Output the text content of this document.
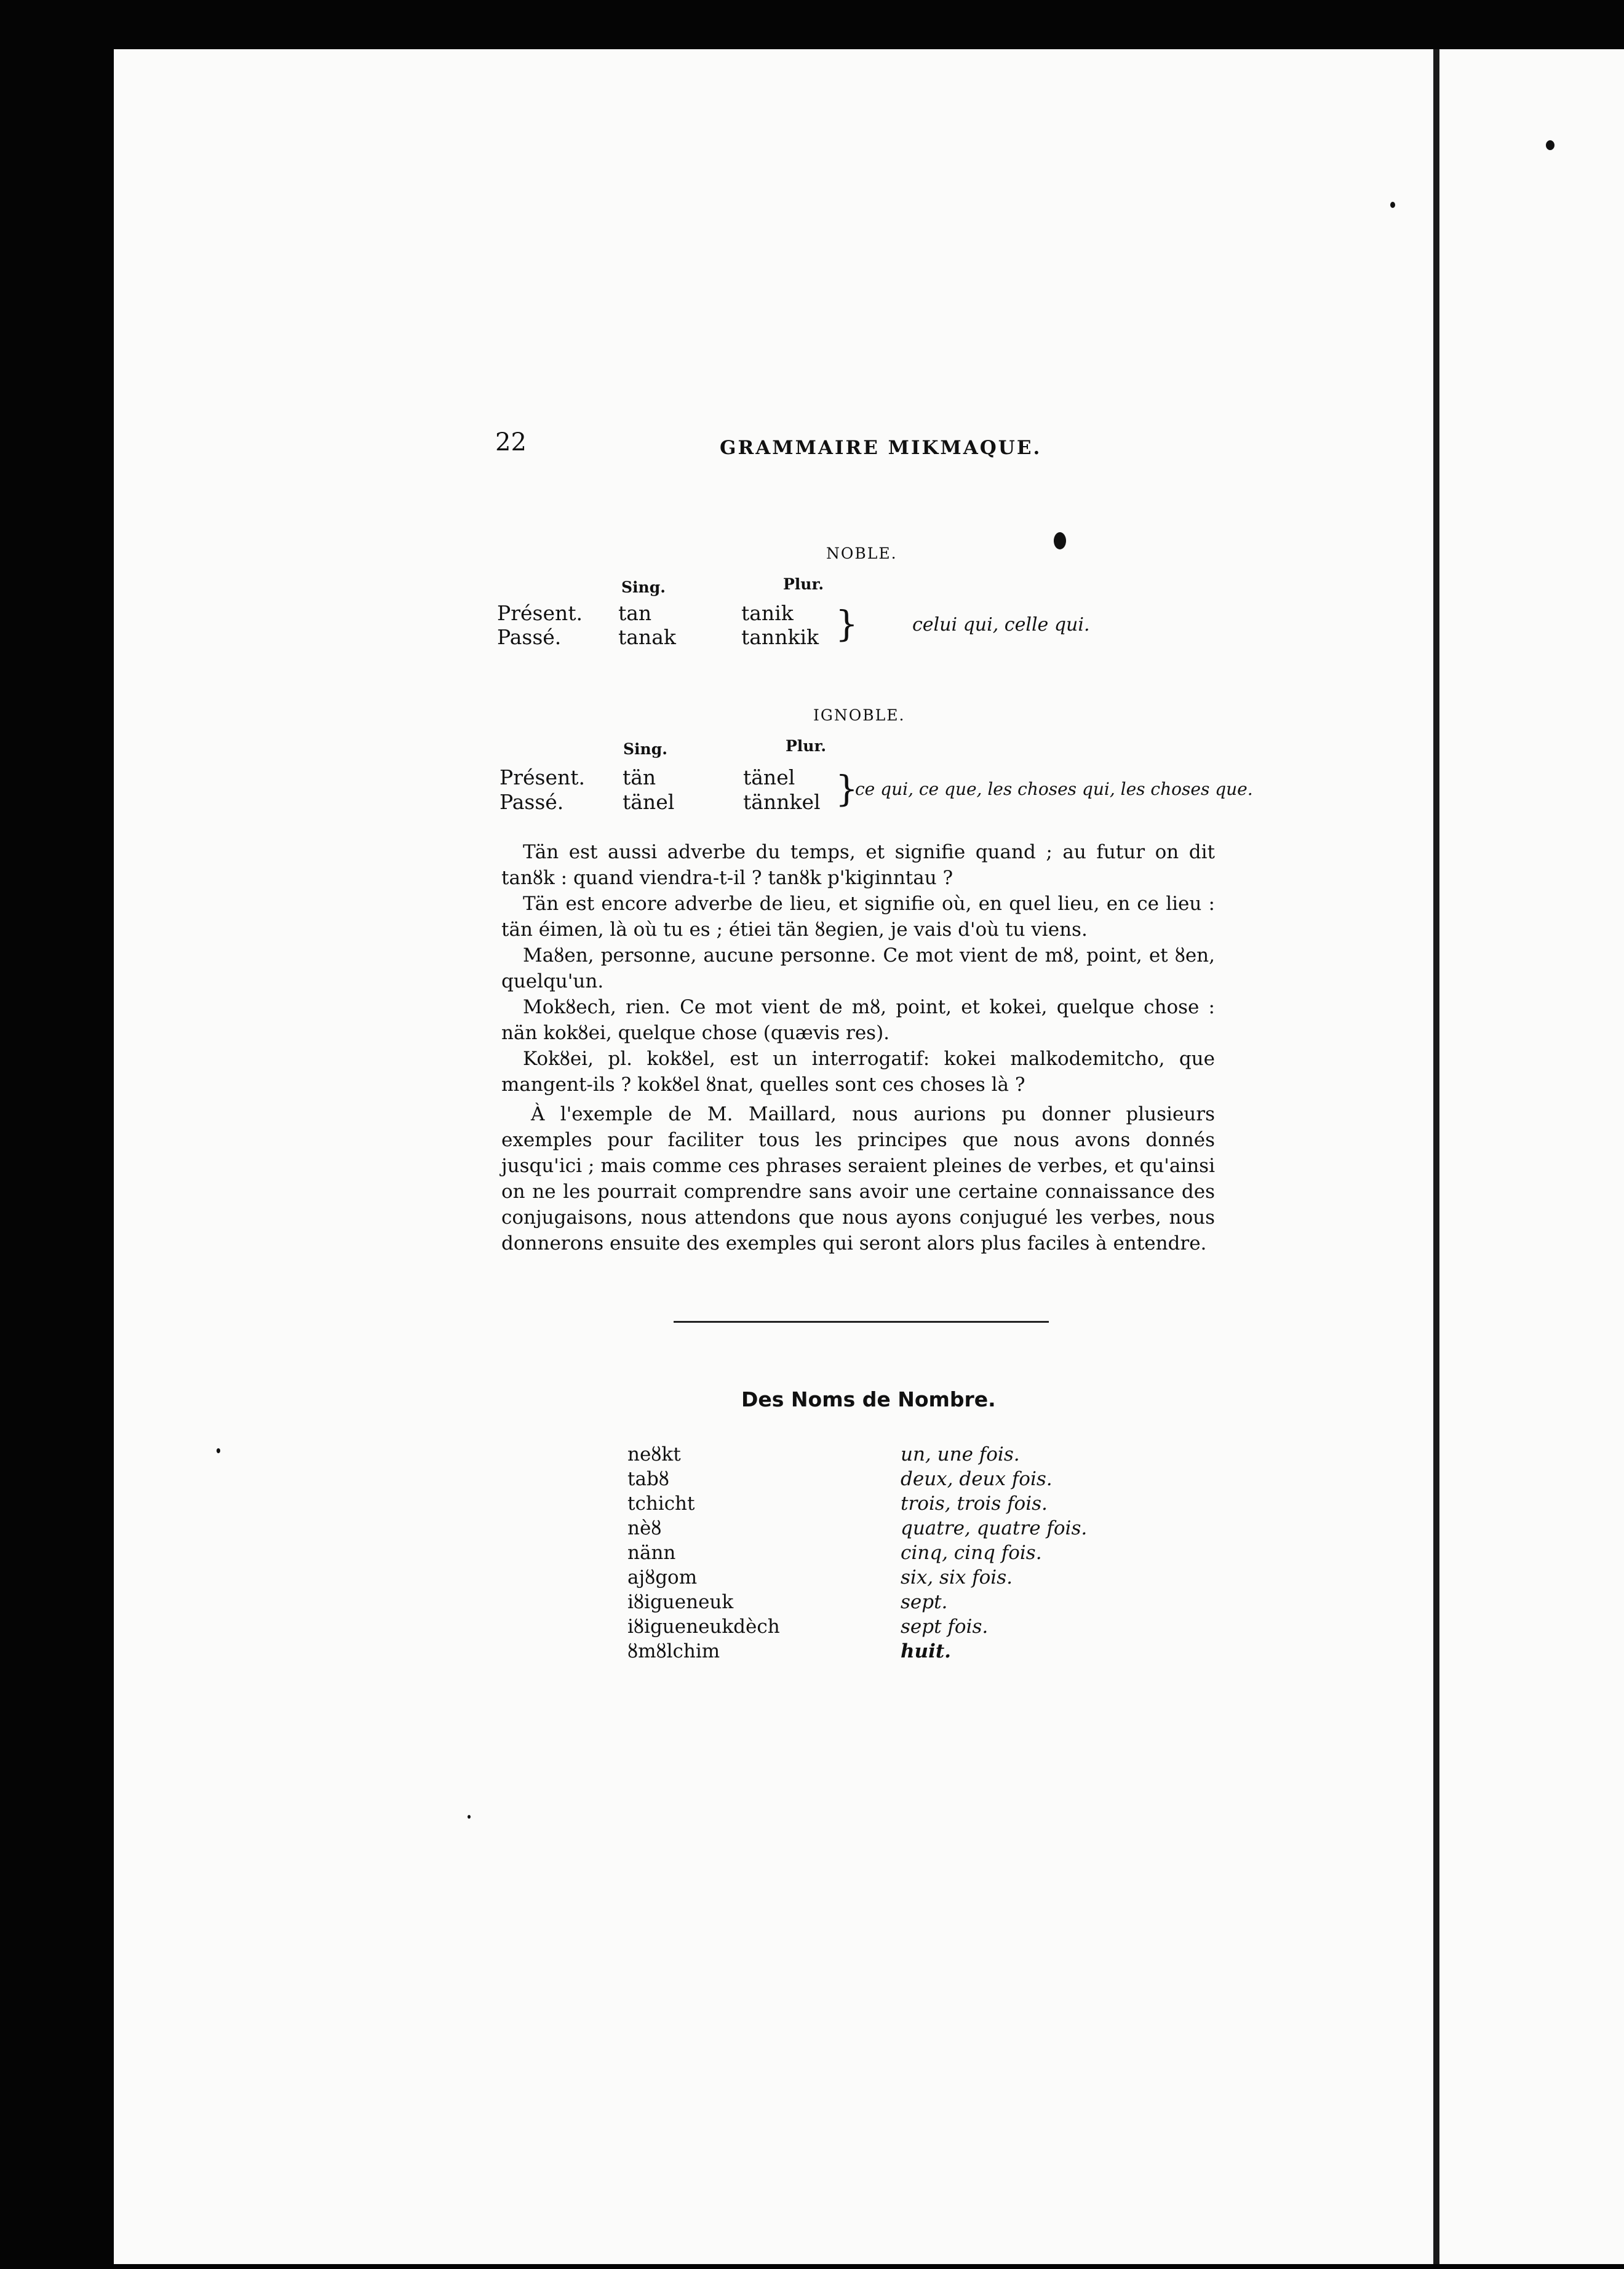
22	GRAMMAIRE MIKMAQUE.
NOBLE.
Sing.	Plur.
Présent. tan	tanik
Passé.	tanak	tannkik }	celui qui, celle qui.
IGNOBLE.
Sing.	Plur.
Présent. tän	tänel
Passé.	tänel	tännkel }
ce qui, ce que, les choses qui, les choses que.

Tän est aussi adverbe du temps, et signifie quand ; au futur on dit tanȣk : quand viendra-t-il ? tanȣk p'kiginntau ?

Tän est encore adverbe de lieu, et signifie où, en quel lieu, en ce lieu : tän éimen, là où tu es ; étiei tän ȣegien, je vais d'où tu viens.

Maȣen, personne, aucune personne. Ce mot vient de mȣ, point, et ȣen, quelqu'un.

Mokȣech, rien. Ce mot vient de mȣ, point, et kokei, quelque chose : nän kokȣei, quelque chose (quævis res).

Kokȣei, pl. kokȣel, est un interrogatif: kokei malkodemitcho, que mangent-ils ? kokȣel ȣnat, quelles sont ces choses là ?

À l'exemple de M. Maillard, nous aurions pu donner plusieurs exemples pour faciliter tous les principes que nous avons donnés jusqu'ici ; mais comme ces phrases seraient pleines de verbes, et qu'ainsi on ne les pourrait comprendre sans avoir une certaine connaissance des conjugaisons, nous attendons que nous ayons conjugué les verbes, nous donnerons ensuite des exemples qui seront alors plus faciles à entendre.

Des Noms de Nombre.
neȣkt	un, une fois.
tabȣ	deux, deux fois.
tchicht	trois, trois fois.
nèȣ	quatre, quatre fois.
nänn	cinq, cinq fois.
ajȣgom	six, six fois.
iȣigueneuk	sept.
iȣigueneukdèch	sept fois.
ȣmȣlchim	huit.
